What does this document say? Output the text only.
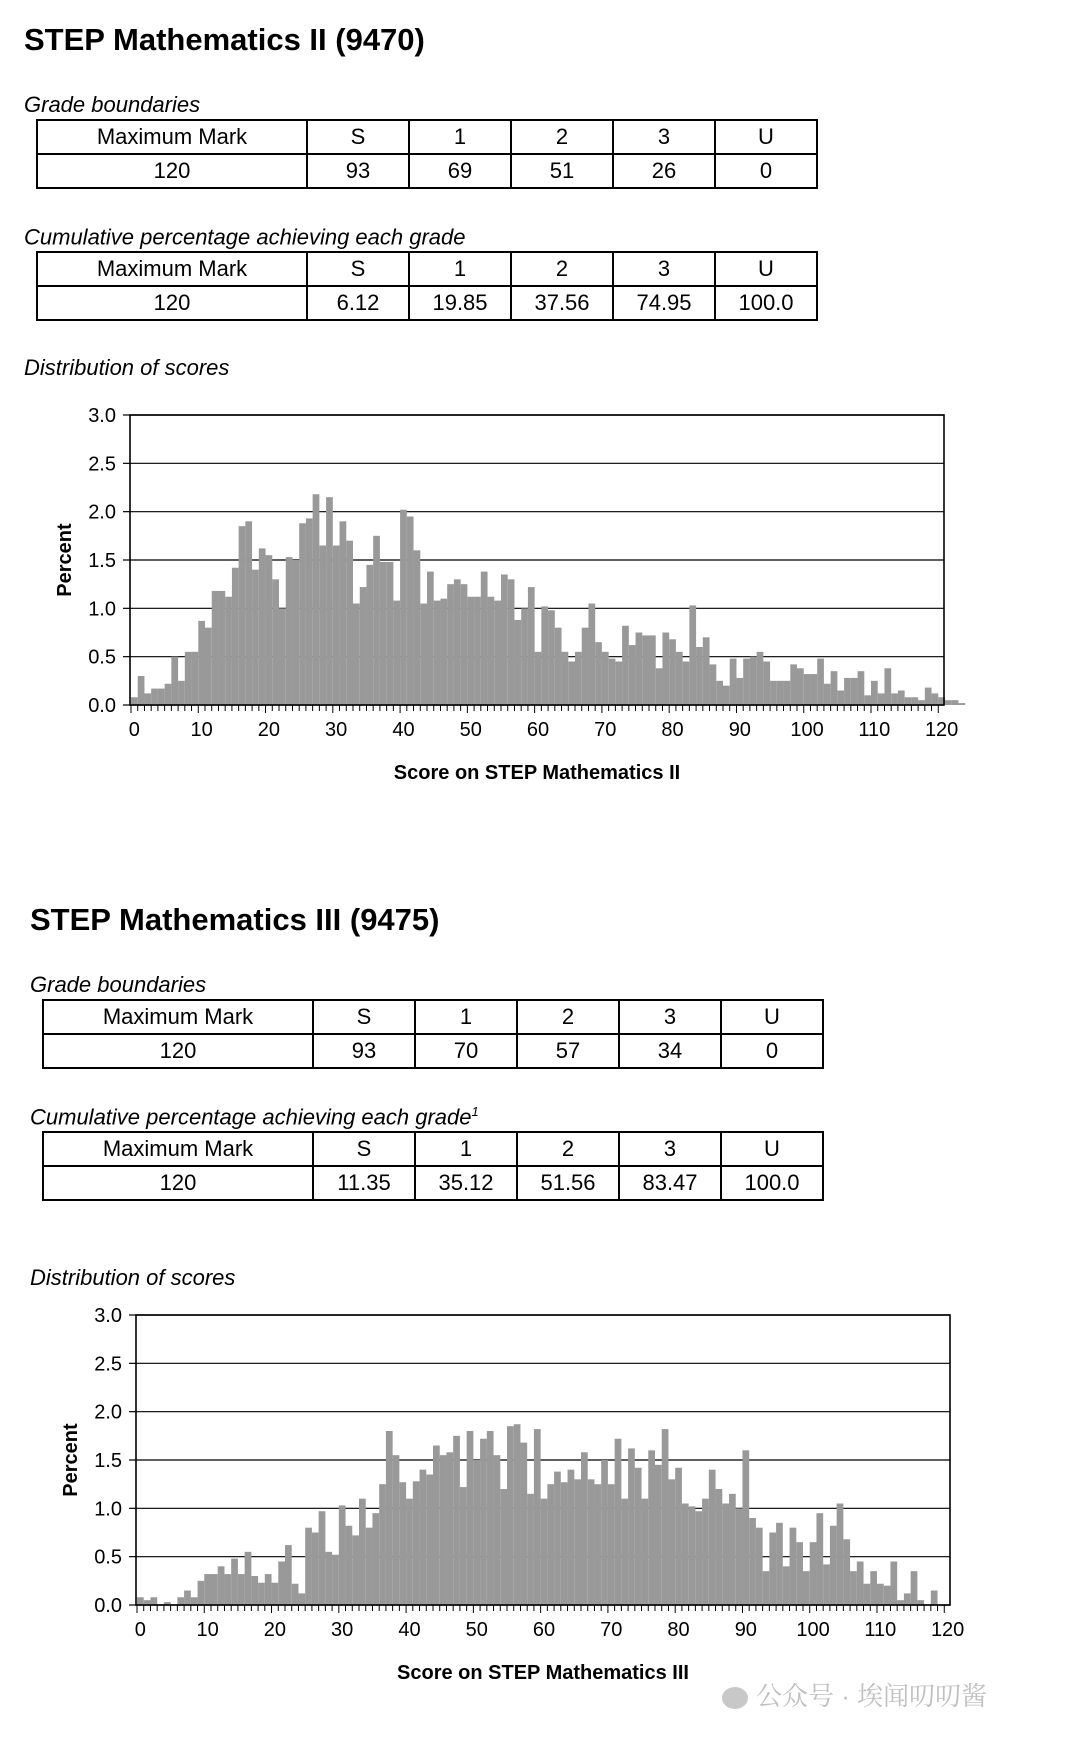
STEP Mathematics II (9470)

Grade boundaries

Maximum Mark	S	1	2	3	U
120	93	69	51	26	0

Cumulative percentage achieving each grade

Maximum Mark	S	1	2	3	U
120	6.12	19.85	37.56	74.95	100.0

Distribution of scores

0.0
0.5
1.0
1.5
2.0
2.5
3.0
0	10 20 30 40 50 60 70 80 90 100 110 120
Score on STEP Mathematics II
Percent
STEP Mathematics III (9475)

Grade boundaries

Maximum Mark	S	1	2	3	U
120	93	70	57	34	0

Cumulative percentage achieving each grade$^1$

Maximum Mark	S	1	2	3	U
120	11.35	35.12	51.56	83.47	100.0

Distribution of scores

0.0
0.5
1.0
1.5
2.0
2.5
3.0
0	10 20 30 40 50 60 70 80 90 100 110 120
Score on STEP Mathematics III
Percent
公众号 · 埃闻叨叨酱
